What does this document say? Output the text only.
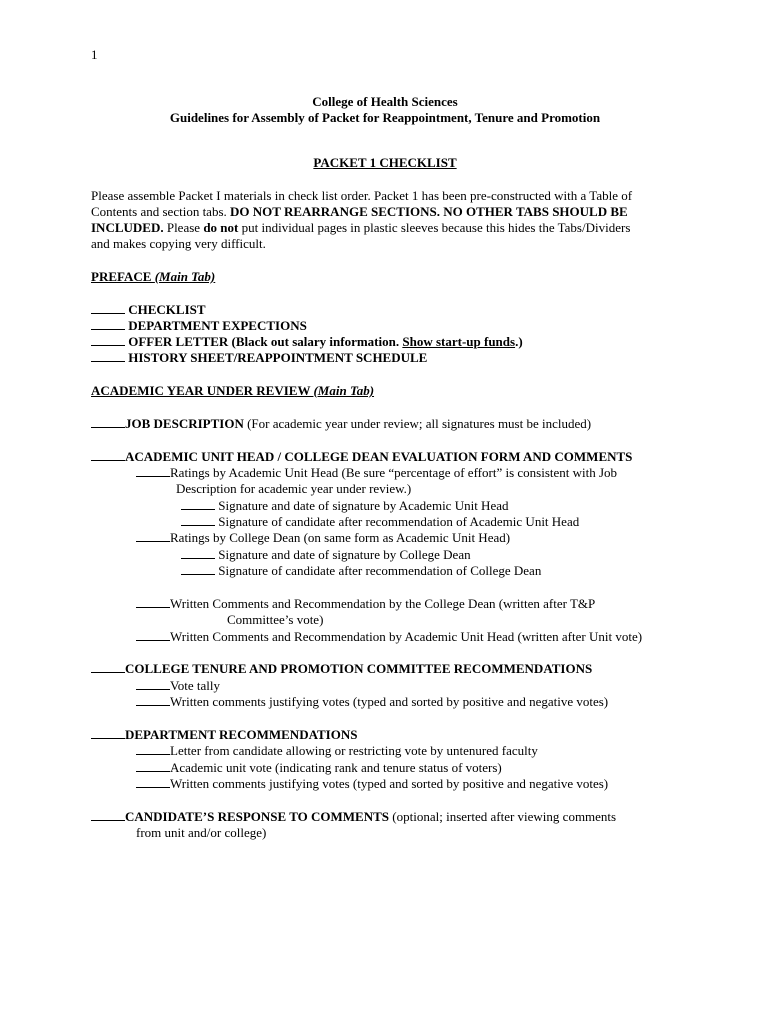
1
College of Health Sciences
Guidelines for Assembly of Packet for Reappointment, Tenure and Promotion
PACKET 1 CHECKLIST
Please assemble Packet I materials in check list order. Packet 1 has been pre-constructed with a Table of
Contents and section tabs. DO NOT REARRANGE SECTIONS. NO OTHER TABS SHOULD BE
INCLUDED. Please do not put individual pages in plastic sleeves because this hides the Tabs/Dividers
and makes copying very difficult.
PREFACE (Main Tab)
CHECKLIST
DEPARTMENT EXPECTIONS
OFFER LETTER (Black out salary information. Show start-up funds.)
HISTORY SHEET/REAPPOINTMENT SCHEDULE
ACADEMIC YEAR UNDER REVIEW (Main Tab)
JOB DESCRIPTION (For academic year under review; all signatures must be included)
ACADEMIC UNIT HEAD / COLLEGE DEAN EVALUATION FORM AND COMMENTS
Ratings by Academic Unit Head (Be sure “percentage of effort” is consistent with Job
Description for academic year under review.)
Signature and date of signature by Academic Unit Head
Signature of candidate after recommendation of Academic Unit Head
Ratings by College Dean (on same form as Academic Unit Head)
Signature and date of signature by College Dean
Signature of candidate after recommendation of College Dean
Written Comments and Recommendation by the College Dean (written after T&P
Committee’s vote)
Written Comments and Recommendation by Academic Unit Head (written after Unit vote)
COLLEGE TENURE AND PROMOTION COMMITTEE RECOMMENDATIONS
Vote tally
Written comments justifying votes (typed and sorted by positive and negative votes)
DEPARTMENT RECOMMENDATIONS
Letter from candidate allowing or restricting vote by untenured faculty
Academic unit vote (indicating rank and tenure status of voters)
Written comments justifying votes (typed and sorted by positive and negative votes)
CANDIDATE’S RESPONSE TO COMMENTS (optional; inserted after viewing comments
from unit and/or college)
